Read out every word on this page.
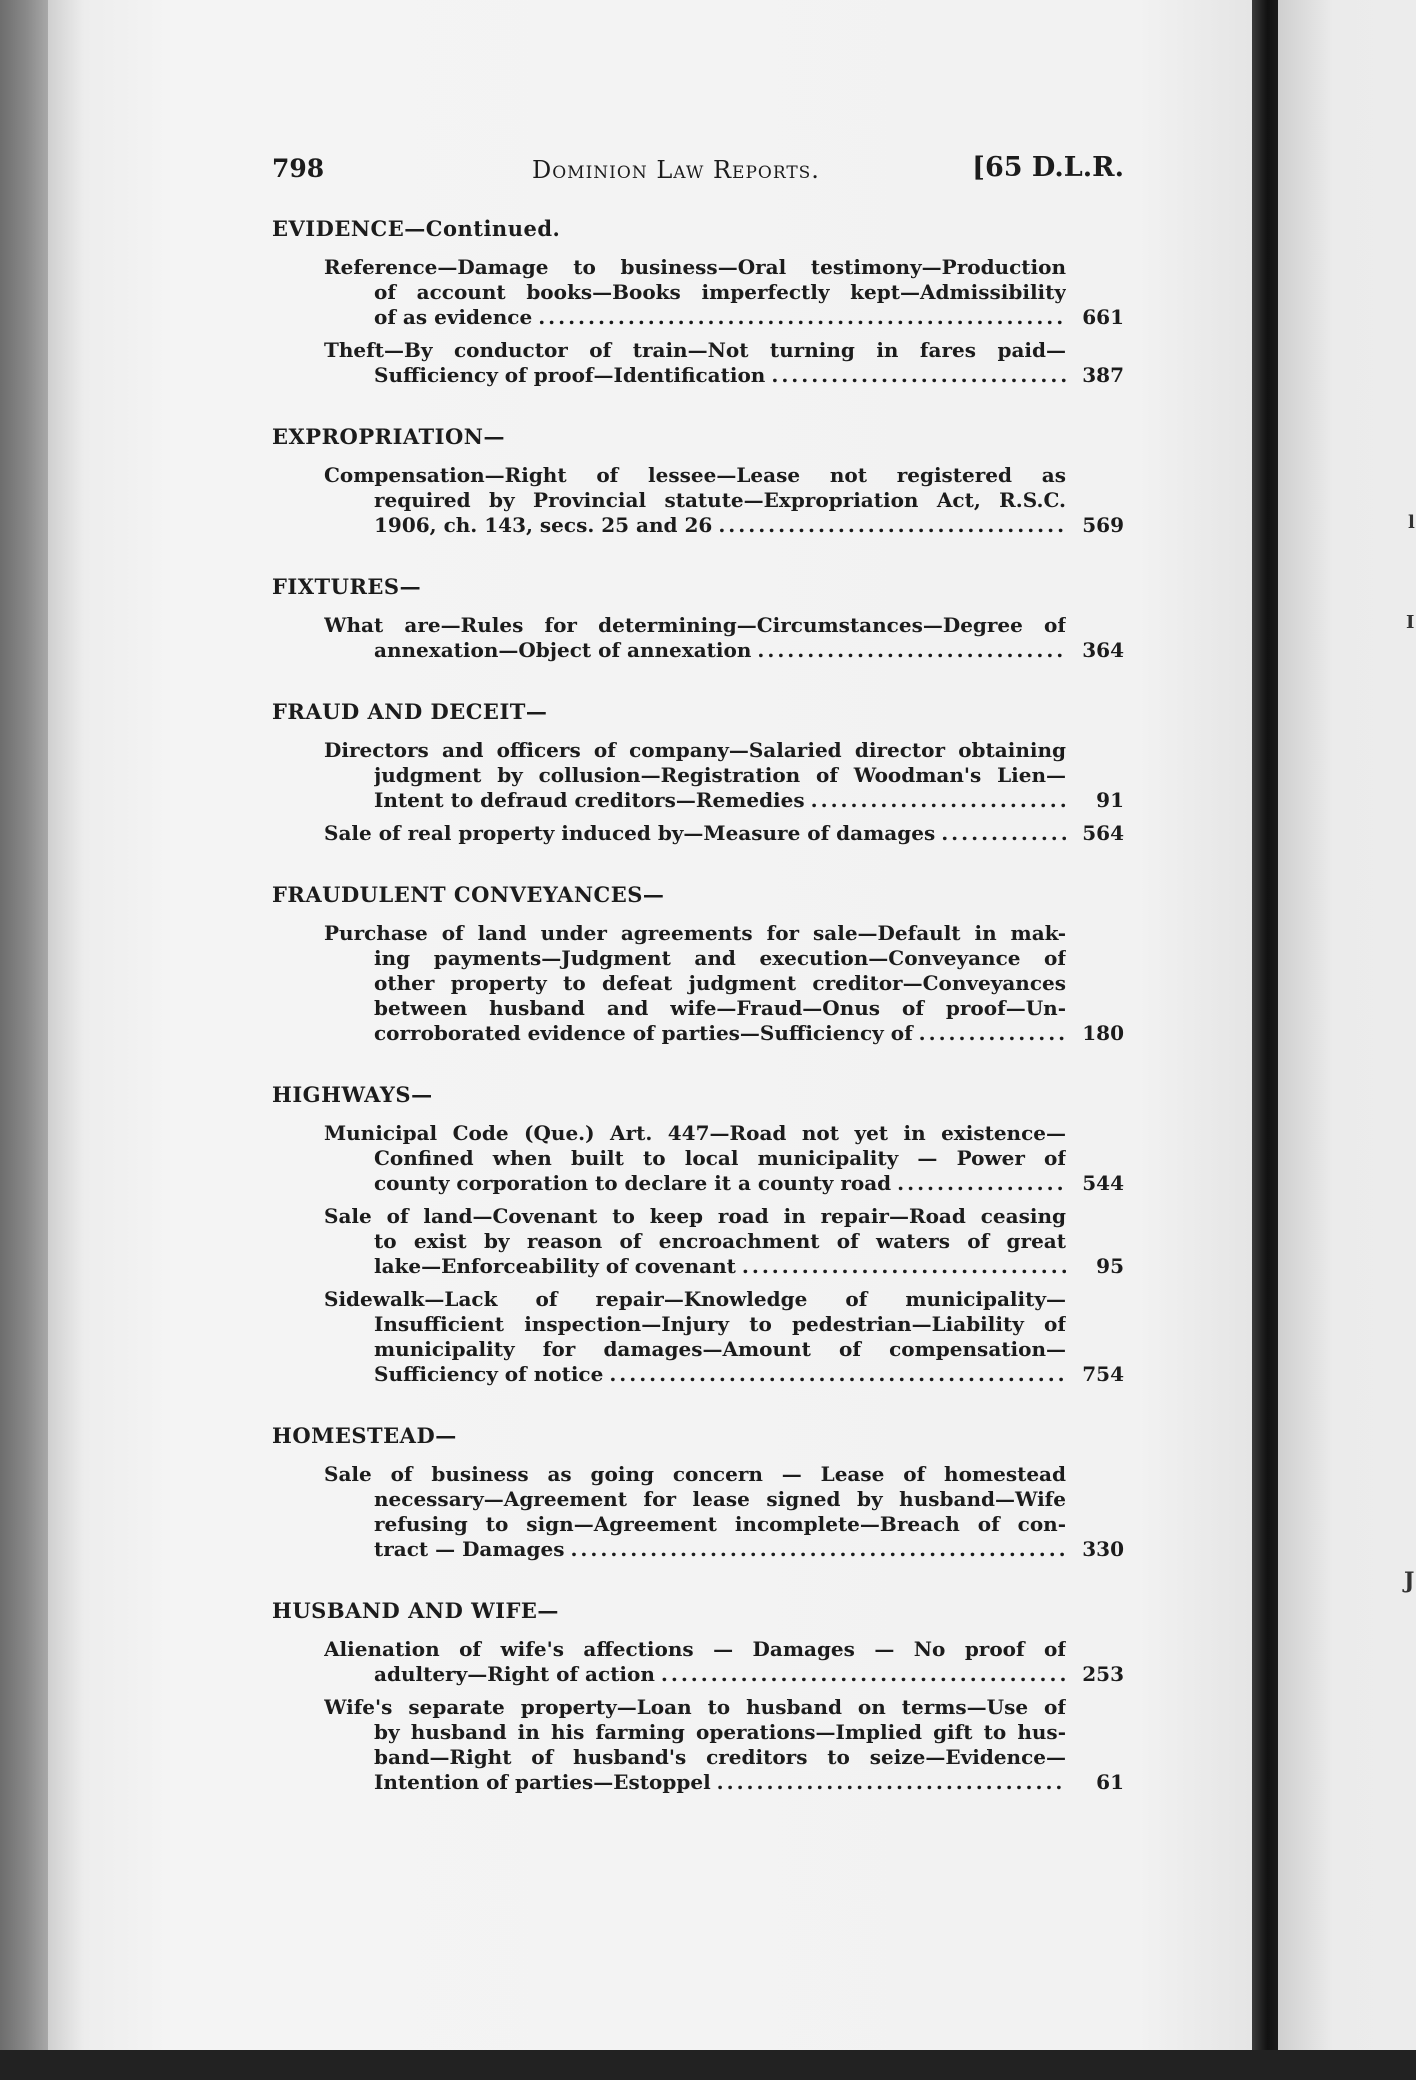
l
I
J
798	Dominion Law Reports.	[65 D.L.R.
EVIDENCE—Continued.
Reference—Damage to business—Oral testimony—Production
of account books—Books imperfectly kept—Admissibility
of as evidence .....	661
Theft—By conductor of train—Not turning in fares paid—
Sufficiency of proof—Identification .....	387
EXPROPRIATION—
Compensation—Right of lessee—Lease not registered as
required by Provincial statute—Expropriation Act, R.S.C.
1906, ch. 143, secs. 25 and 26 .....	569
FIXTURES—
What are—Rules for determining—Circumstances—Degree of
annexation—Object of annexation .....	364
FRAUD AND DECEIT—
Directors and officers of company—Salaried director obtaining
judgment by collusion—Registration of Woodman's Lien—
Intent to defraud creditors—Remedies .....	91
Sale of real property induced by—Measure of damages .....	564
FRAUDULENT CONVEYANCES—
Purchase of land under agreements for sale—Default in mak-
ing payments—Judgment and execution—Conveyance of
other property to defeat judgment creditor—Conveyances
between husband and wife—Fraud—Onus of proof—Un-
corroborated evidence of parties—Sufficiency of .....	180
HIGHWAYS—
Municipal Code (Que.) Art. 447—Road not yet in existence—
Confined when built to local municipality — Power of
county corporation to declare it a county road .....	544
Sale of land—Covenant to keep road in repair—Road ceasing
to exist by reason of encroachment of waters of great
lake—Enforceability of covenant .....	95
Sidewalk—Lack of repair—Knowledge of municipality—
Insufficient inspection—Injury to pedestrian—Liability of
municipality for damages—Amount of compensation—
Sufficiency of notice .....	754
HOMESTEAD—
Sale of business as going concern — Lease of homestead
necessary—Agreement for lease signed by husband—Wife
refusing to sign—Agreement incomplete—Breach of con-
tract — Damages .....	330
HUSBAND AND WIFE—
Alienation of wife's affections — Damages — No proof of
adultery—Right of action .....	253
Wife's separate property—Loan to husband on terms—Use of
by husband in his farming operations—Implied gift to hus-
band—Right of husband's creditors to seize—Evidence—
Intention of parties—Estoppel .....	61
